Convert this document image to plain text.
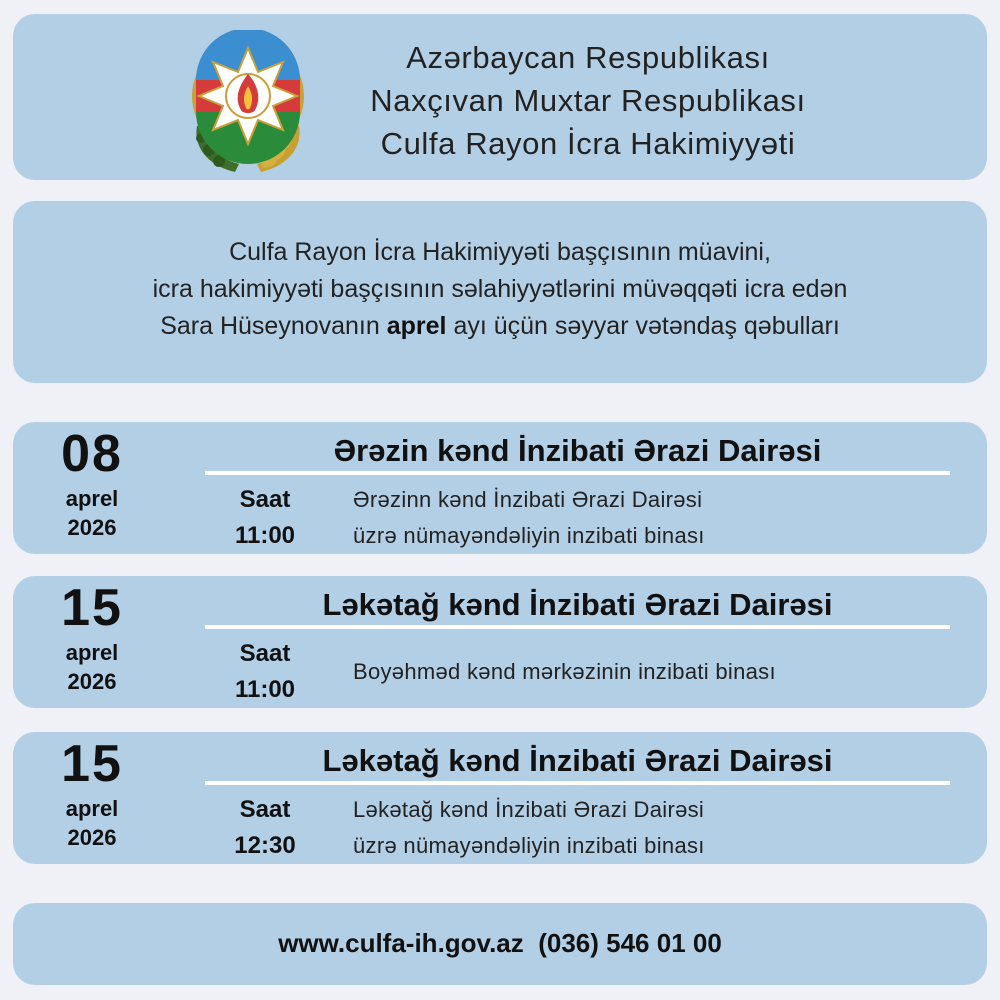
Azərbaycan Respublikası
Naxçıvan Muxtar Respublikası
Culfa Rayon İcra Hakimiyyəti
Culfa Rayon İcra Hakimiyyəti başçısının müavini,
icra hakimiyyəti başçısının səlahiyyətlərini müvəqqəti icra edən
Sara Hüseynovanın aprel ayı üçün səyyar vətəndaş qəbulları
08
aprel
2026
Ərəzin kənd İnzibati Ərazi Dairəsi
Saat
11:00
Ərəzinn kənd İnzibati Ərazi Dairəsi
üzrə nümayəndəliyin inzibati binası
15
aprel
2026
Ləkətağ kənd İnzibati Ərazi Dairəsi
Saat
11:00
Boyəhməd kənd mərkəzinin inzibati binası
15
aprel
2026
Ləkətağ kənd İnzibati Ərazi Dairəsi
Saat
12:30
Ləkətağ kənd İnzibati Ərazi Dairəsi
üzrə nümayəndəliyin inzibati binası
www.culfa-ih.gov.az (036) 546 01 00
